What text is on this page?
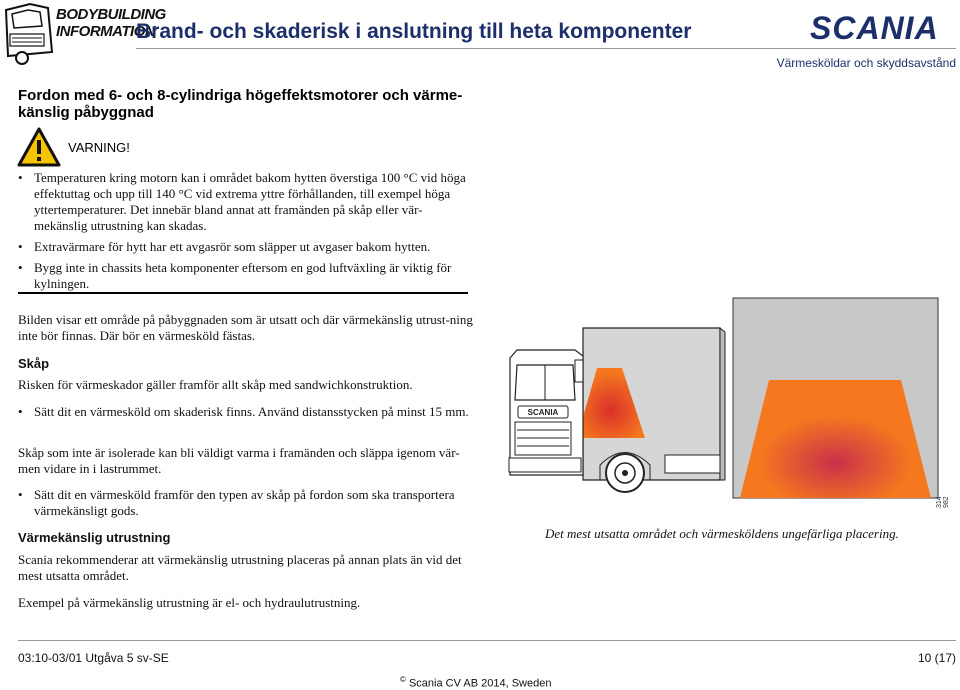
BODYBUILDING
INFORMATION
Brand- och skaderisk i anslutning till heta komponenter	SCANIA
Värmesköldar och skyddsavstånd
Fordon med 6- och 8-cylindriga högeffektsmotorer och värme-känslig påbyggnad
VARNING!
• Temperaturen kring motorn kan i området bakom hytten överstiga 100 °C vid höga effektuttag och upp till 140 °C vid extrema yttre förhållanden, till exempel höga yttertemperaturer. Det innebär bland annat att framänden på skåp eller vär-mekänslig utrustning kan skadas.
• Extravärmare för hytt har ett avgasrör som släpper ut avgaser bakom hytten.
• Bygg inte in chassits heta komponenter eftersom en god luftväxling är viktig för kylningen.
Bilden visar ett område på påbyggnaden som är utsatt och där värmekänslig utrust-ning inte bör finnas. Där bör en värmesköld fästas.
Skåp
Risken för värmeskador gäller framför allt skåp med sandwichkonstruktion.
• Sätt dit en värmesköld om skaderisk finns. Använd distansstycken på minst 15 mm.
Skåp som inte är isolerade kan bli väldigt varma i framänden och släppa igenom vär-men vidare in i lastrummet.
• Sätt dit en värmesköld framför den typen av skåp på fordon som ska transportera värmekänsligt gods.
Värmekänslig utrustning
Scania rekommenderar att värmekänslig utrustning placeras på annan plats än vid det mest utsatta området.
Exempel på värmekänslig utrustning är el- och hydraulutrustning.
SCANIA
314 982
Det mest utsatta området och värmesköldens ungefärliga placering.
03:10-03/01 Utgåva 5 sv-SE	10 (17)
© Scania CV AB 2014, Sweden
